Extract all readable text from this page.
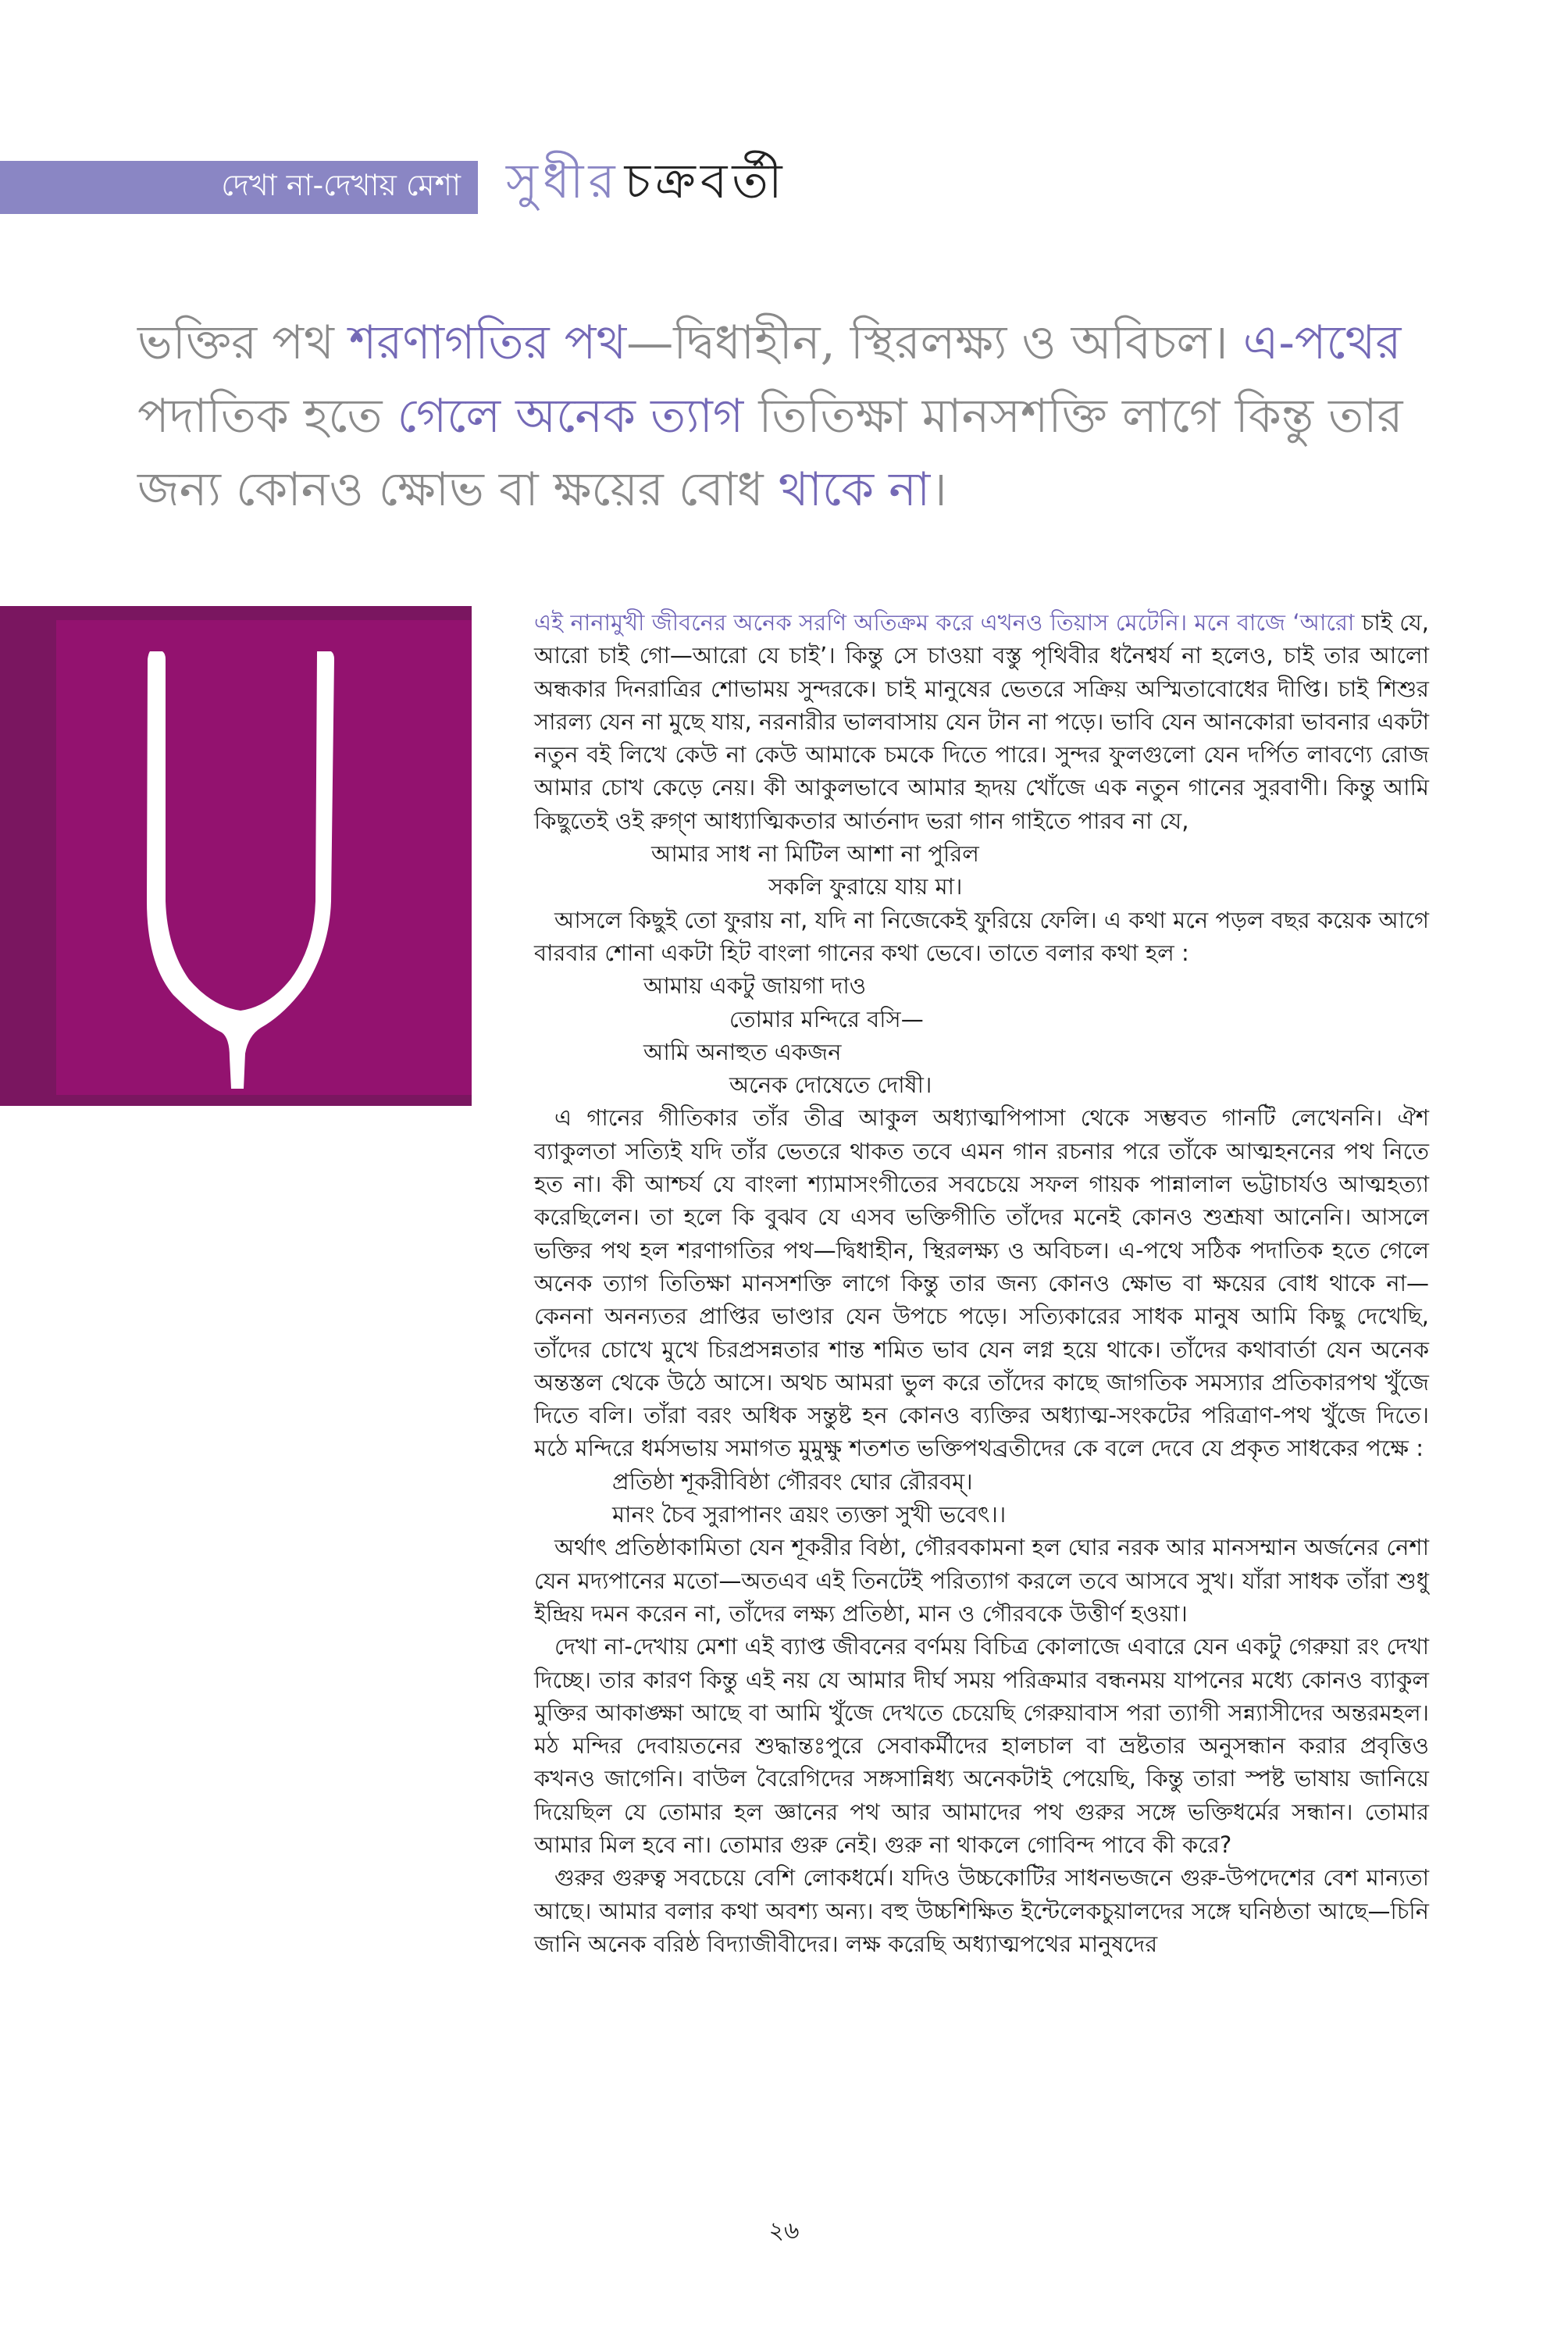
দেখা না-দেখায় মেশা সুধীর চক্রবর্তী

ভক্তির পথ শরণাগতির পথ—দ্বিধাহীন, স্থিরলক্ষ্য ও অবিচল। এ-পথের পদাতিক হতে গেলে অনেক ত্যাগ তিতিক্ষা মানসশক্তি লাগে কিন্তু তার জন্য কোনও ক্ষোভ বা ক্ষয়ের বোধ থাকে না।

এই নানামুখী জীবনের অনেক সরণি অতিক্রম করে এখনও তিয়াস মেটেনি। মনে বাজে ‘আরো চাই যে, আরো চাই গো—আরো যে চাই’। কিন্তু সে চাওয়া বস্তু পৃথিবীর ধনৈশ্বর্য না হলেও, চাই তার আলো অন্ধকার দিনরাত্রির শোভাময় সুন্দরকে। চাই মানুষের ভেতরে সক্রিয় অস্মিতাবোধের দীপ্তি। চাই শিশুর সারল্য যেন না মুছে যায়, নরনারীর ভালবাসায় যেন টান না পড়ে। ভাবি যেন আনকোরা ভাবনার একটা নতুন বই লিখে কেউ না কেউ আমাকে চমকে দিতে পারে। সুন্দর ফুলগুলো যেন দর্পিত লাবণ্যে রোজ আমার চোখ কেড়ে নেয়। কী আকুলভাবে আমার হৃদয় খোঁজে এক নতুন গানের সুরবাণী। কিন্তু আমি কিছুতেই ওই রুগ্‌ণ আধ্যাত্মিকতার আর্তনাদ ভরা গান গাইতে পারব না যে,

আমার সাধ না মিটিল আশা না পুরিল

সকলি ফুরায়ে যায় মা।

আসলে কিছুই তো ফুরায় না, যদি না নিজেকেই ফুরিয়ে ফেলি। এ কথা মনে পড়ল বছর কয়েক আগে বারবার শোনা একটা হিট বাংলা গানের কথা ভেবে। তাতে বলার কথা হল :

আমায় একটু জায়গা দাও

তোমার মন্দিরে বসি—

আমি অনাহুত একজন

অনেক দোষেতে দোষী।

এ গানের গীতিকার তাঁর তীব্র আকুল অধ্যাত্মপিপাসা থেকে সম্ভবত গানটি লেখেননি। ঐশ ব্যাকুলতা সত্যিই যদি তাঁর ভেতরে থাকত তবে এমন গান রচনার পরে তাঁকে আত্মহননের পথ নিতে হত না। কী আশ্চর্য যে বাংলা শ্যামাসংগীতের সবচেয়ে সফল গায়ক পান্নালাল ভট্টাচার্যও আত্মহত্যা করেছিলেন। তা হলে কি বুঝব যে এসব ভক্তিগীতি তাঁদের মনেই কোনও শুশ্রূষা আনেনি। আসলে ভক্তির পথ হল শরণাগতির পথ—দ্বিধাহীন, স্থিরলক্ষ্য ও অবিচল। এ-পথে সঠিক পদাতিক হতে গেলে অনেক ত্যাগ তিতিক্ষা মানসশক্তি লাগে কিন্তু তার জন্য কোনও ক্ষোভ বা ক্ষয়ের বোধ থাকে না—কেননা অনন্যতর প্রাপ্তির ভাণ্ডার যেন উপচে পড়ে। সত্যিকারের সাধক মানুষ আমি কিছু দেখেছি, তাঁদের চোখে মুখে চিরপ্রসন্নতার শান্ত শমিত ভাব যেন লগ্ন হয়ে থাকে। তাঁদের কথাবার্তা যেন অনেক অন্তস্তল থেকে উঠে আসে। অথচ আমরা ভুল করে তাঁদের কাছে জাগতিক সমস্যার প্রতিকারপথ খুঁজে দিতে বলি। তাঁরা বরং অধিক সন্তুষ্ট হন কোনও ব্যক্তির অধ্যাত্ম-সংকটের পরিত্রাণ-পথ খুঁজে দিতে। মঠে মন্দিরে ধর্মসভায় সমাগত মুমুক্ষু শতশত ভক্তিপথব্রতীদের কে বলে দেবে যে প্রকৃত সাধকের পক্ষে :

প্রতিষ্ঠা শূকরীবিষ্ঠা গৌরবং ঘোর রৌরবম্‌।

মানং চৈব সুরাপানং ত্রয়ং ত্যক্তা সুখী ভবেৎ।।

অর্থাৎ প্রতিষ্ঠাকামিতা যেন শূকরীর বিষ্ঠা, গৌরবকামনা হল ঘোর নরক আর মানসম্মান অর্জনের নেশা যেন মদ্যপানের মতো—অতএব এই তিনটেই পরিত্যাগ করলে তবে আসবে সুখ। যাঁরা সাধক তাঁরা শুধু ইন্দ্রিয় দমন করেন না, তাঁদের লক্ষ্য প্রতিষ্ঠা, মান ও গৌরবকে উত্তীর্ণ হওয়া।

দেখা না-দেখায় মেশা এই ব্যাপ্ত জীবনের বর্ণময় বিচিত্র কোলাজে এবারে যেন একটু গেরুয়া রং দেখা দিচ্ছে। তার কারণ কিন্তু এই নয় যে আমার দীর্ঘ সময় পরিক্রমার বন্ধনময় যাপনের মধ্যে কোনও ব্যাকুল মুক্তির আকাঙ্ক্ষা আছে বা আমি খুঁজে দেখতে চেয়েছি গেরুয়াবাস পরা ত্যাগী সন্ন্যাসীদের অন্তরমহল। মঠ মন্দির দেবায়তনের শুদ্ধান্তঃপুরে সেবাকর্মীদের হালচাল বা ভ্রষ্টতার অনুসন্ধান করার প্রবৃত্তিও কখনও জাগেনি। বাউল বৈরেগিদের সঙ্গসান্নিধ্য অনেকটাই পেয়েছি, কিন্তু তারা স্পষ্ট ভাষায় জানিয়ে দিয়েছিল যে তোমার হল জ্ঞানের পথ আর আমাদের পথ গুরুর সঙ্গে ভক্তিধর্মের সন্ধান। তোমার আমার মিল হবে না। তোমার গুরু নেই। গুরু না থাকলে গোবিন্দ পাবে কী করে?

গুরুর গুরুত্ব সবচেয়ে বেশি লোকধর্মে। যদিও উচ্চকোটির সাধনভজনে গুরু-উপদেশের বেশ মান্যতা আছে। আমার বলার কথা অবশ্য অন্য। বহু উচ্চশিক্ষিত ইন্টেলেকচুয়ালদের সঙ্গে ঘনিষ্ঠতা আছে—চিনি জানি অনেক বরিষ্ঠ বিদ্যাজীবীদের। লক্ষ করেছি অধ্যাত্মপথের মানুষদের

২৬
